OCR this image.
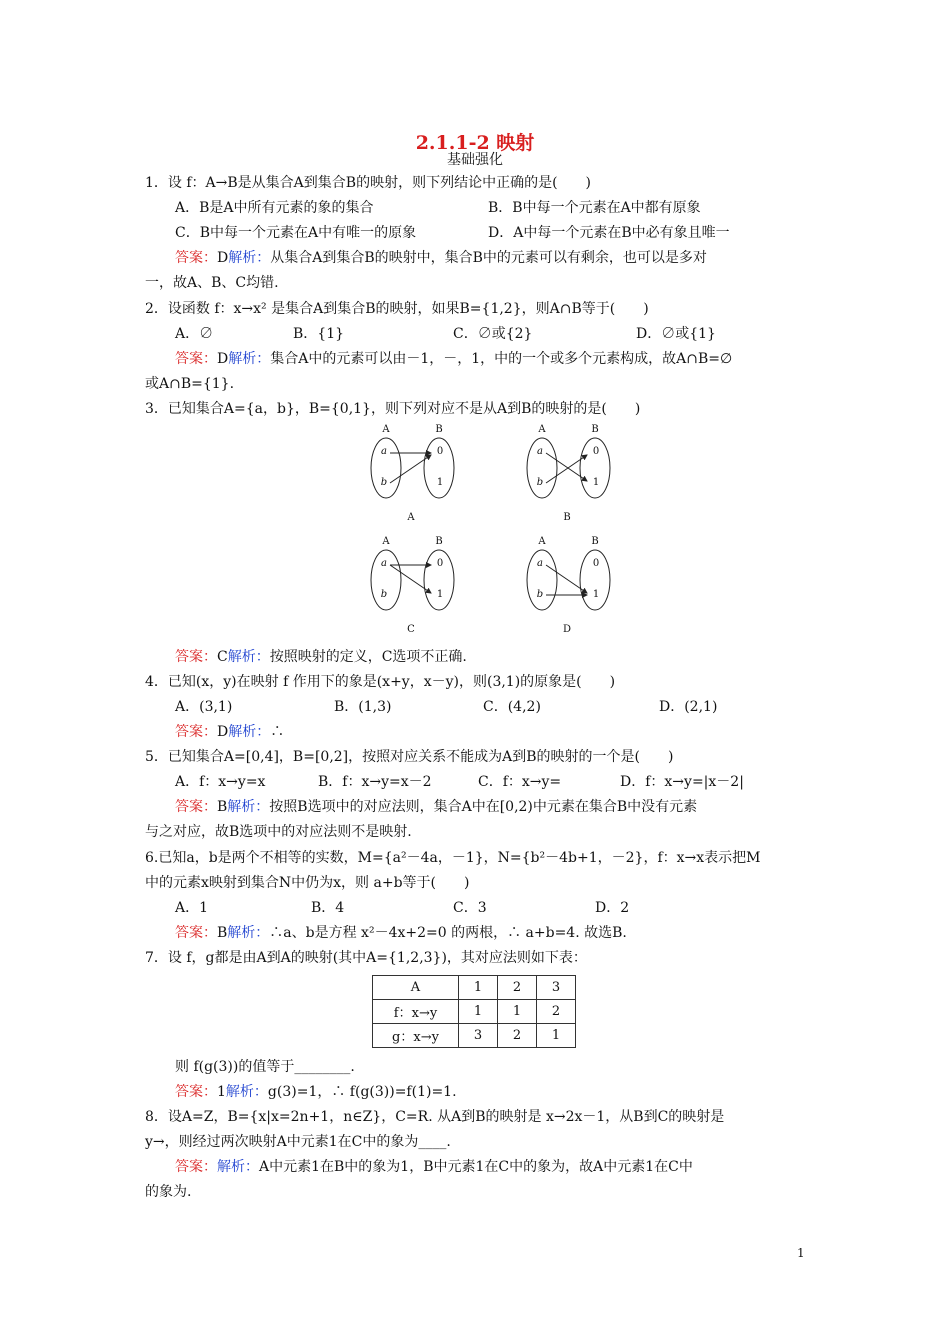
2.1.1-2 映射
基础强化
1．设 f：A→B是从集合A到集合B的映射，则下列结论中正确的是(　　)
A．B是A中所有元素的象的集合	B．B中每一个元素在A中都有原象
C．B中每一个元素在A中有唯一的原象	D．A中每一个元素在B中必有象且唯一
答案：D解析：从集合A到集合B的映射中，集合B中的元素可以有剩余，也可以是多对
一，故A、B、C均错.
2．设函数 f：x→x² 是集合A到集合B的映射，如果B={1,2}，则A∩B等于(　　)
A．∅	B．{1}	C．∅或{2}	D．∅或{1}
答案：D解析：集合A中的元素可以由－1，－，1，中的一个或多个元素构成，故A∩B=∅
或A∩B={1}.
3．已知集合A={a，b}，B={0,1}，则下列对应不是从A到B的映射的是(　　)
A	B
a
b
0
1
A
A	B
a
b
0
1
B
A	B
a
b
0
1
C
A	B
a
b
0
1
D
答案：C解析：按照映射的定义，C选项不正确.
4．已知(x，y)在映射 f 作用下的象是(x+y，x－y)，则(3,1)的原象是(　　)
A．(3,1)	B．(1,3)	C．(4,2)	D．(2,1)
答案：D解析：∴
5．已知集合A=[0,4]，B=[0,2]，按照对应关系不能成为A到B的映射的一个是(　　)
A．f：x→y=x	B．f：x→y=x－2	C．f：x→y=	D．f：x→y=|x－2|
答案：B解析：按照B选项中的对应法则，集合A中在[0,2)中元素在集合B中没有元素
与之对应，故B选项中的对应法则不是映射.
6.已知a，b是两个不相等的实数，M={a²－4a，－1}，N={b²－4b+1，－2}，f：x→x表示把M
中的元素x映射到集合N中仍为x，则 a+b等于(　　)
A．1	B．4	C．3	D．2
答案：B解析：∴a、b是方程 x²－4x+2=0 的两根，∴ a+b=4. 故选B.
7．设 f，g都是由A到A的映射(其中A={1,2,3})，其对应法则如下表：
A	1	2	3
f：x→y	1	1	2
g：x→y	3	2	1
则 f(g(3))的值等于________.
答案：1解析：g(3)=1，∴ f(g(3))=f(1)=1.
8．设A=Z，B={x|x=2n+1，n∈Z}，C=R. 从A到B的映射是 x→2x－1，从B到C的映射是
y→，则经过两次映射A中元素1在C中的象为____.
答案：解析：A中元素1在B中的象为1，B中元素1在C中的象为，故A中元素1在C中
的象为.
1
